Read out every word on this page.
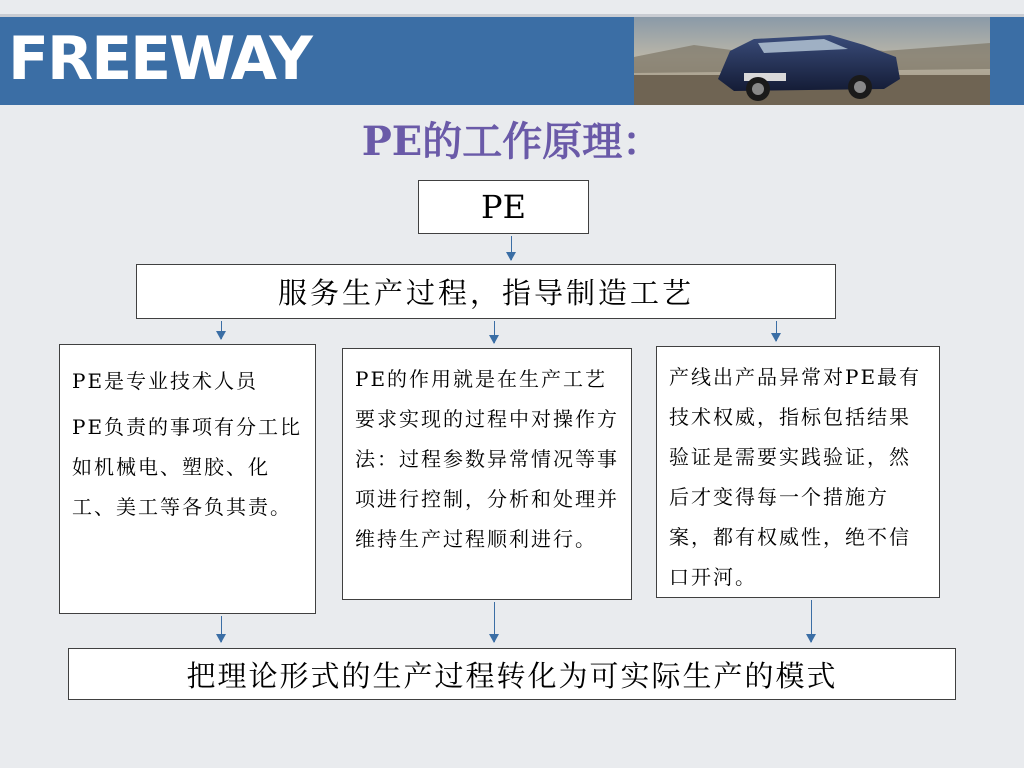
FREEWAY
PE的工作原理：
PE
服务生产过程，指导制造工艺

PE是专业技术人员

PE负责的事项有分工比如机械电、塑胶、化工、美工等各负其责。

PE的作用就是在生产工艺要求实现的过程中对操作方法：过程参数异常情况等事项进行控制，分析和处理并维持生产过程顺利进行。
产线出产品异常对PE最有技术权威，指标包括结果验证是需要实践验证，然后才变得每一个措施方案，都有权威性，绝不信口开河。
把理论形式的生产过程转化为可实际生产的模式
